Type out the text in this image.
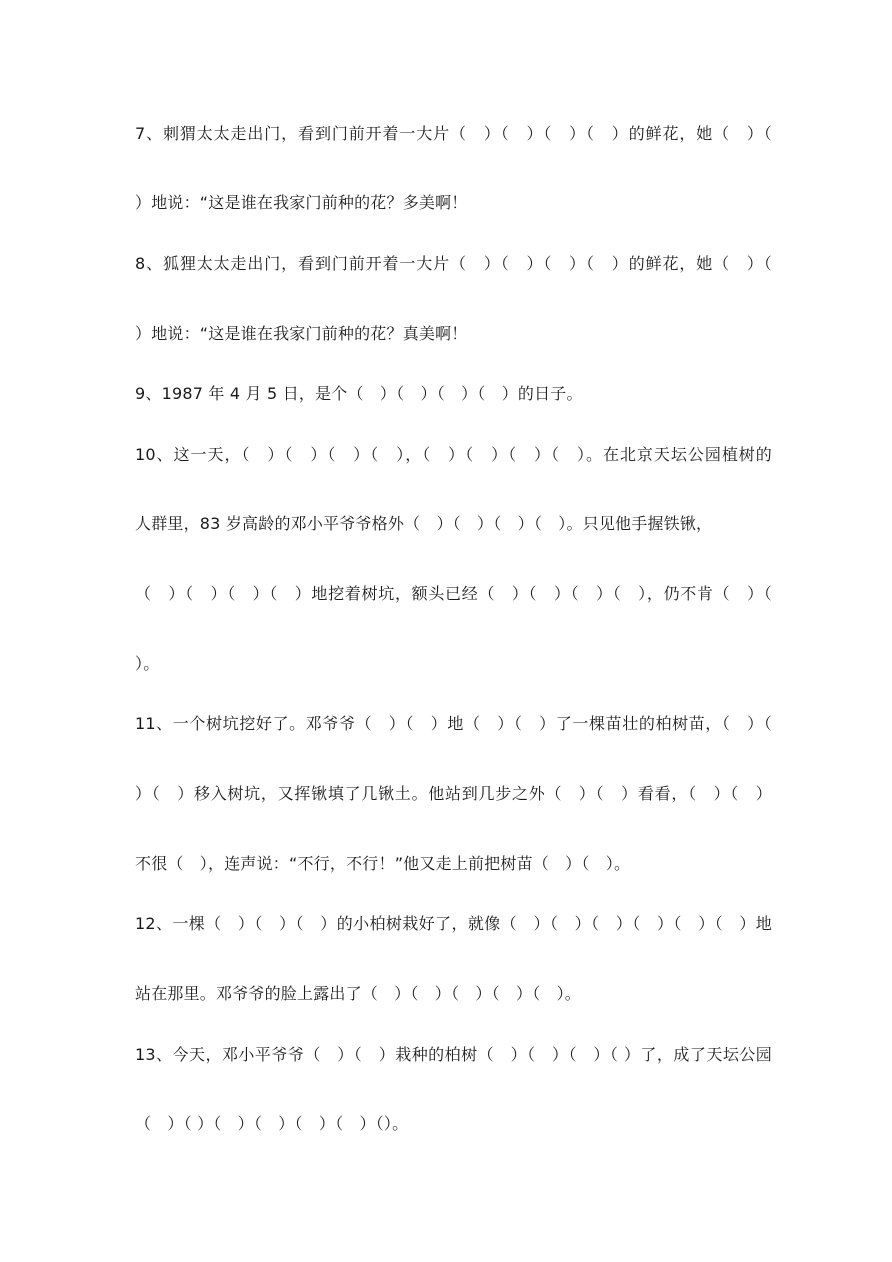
7、刺猬太太走出门，看到门前开着一大片（　）（　）（　）（　）的鲜花，她（　）（
）地说：“这是谁在我家门前种的花？多美啊！
8、狐狸太太走出门，看到门前开着一大片（　）（　）（　）（　）的鲜花，她（　）（
）地说：“这是谁在我家门前种的花？真美啊！
9、1987 年 4 月 5 日，是个（　）（　）（　）（　）的日子。
10、这一天，（　）（　）（　）（　），（　）（　）（　）（　）。在北京天坛公园植树的
人群里，83 岁高龄的邓小平爷爷格外（　）（　）（　）（　）。只见他手握铁锹，
（　）（　）（　）（　）地挖着树坑，额头已经（　）（　）（　）（　），仍不肯（　）（
）。
11、一个树坑挖好了。邓爷爷（　）（　）地（　）（　）了一棵苗壮的柏树苗，（　）（
）（　）移入树坑，又挥锹填了几锹土。他站到几步之外（　）（　）看看，（　）（　）
不很（　），连声说：“不行，不行！”他又走上前把树苗（　）（　）。
12、一棵（　）（　）（　）的小柏树栽好了，就像（　）（　）（　）（　）（　）（　）地
站在那里。邓爷爷的脸上露出了（　）（　）（　）（　）（　）。
13、今天，邓小平爷爷（　）（　）栽种的柏树（　）（　）（　）（ ）了，成了天坛公园
（　）（ ）（　）（　）（　）（　）（）。
